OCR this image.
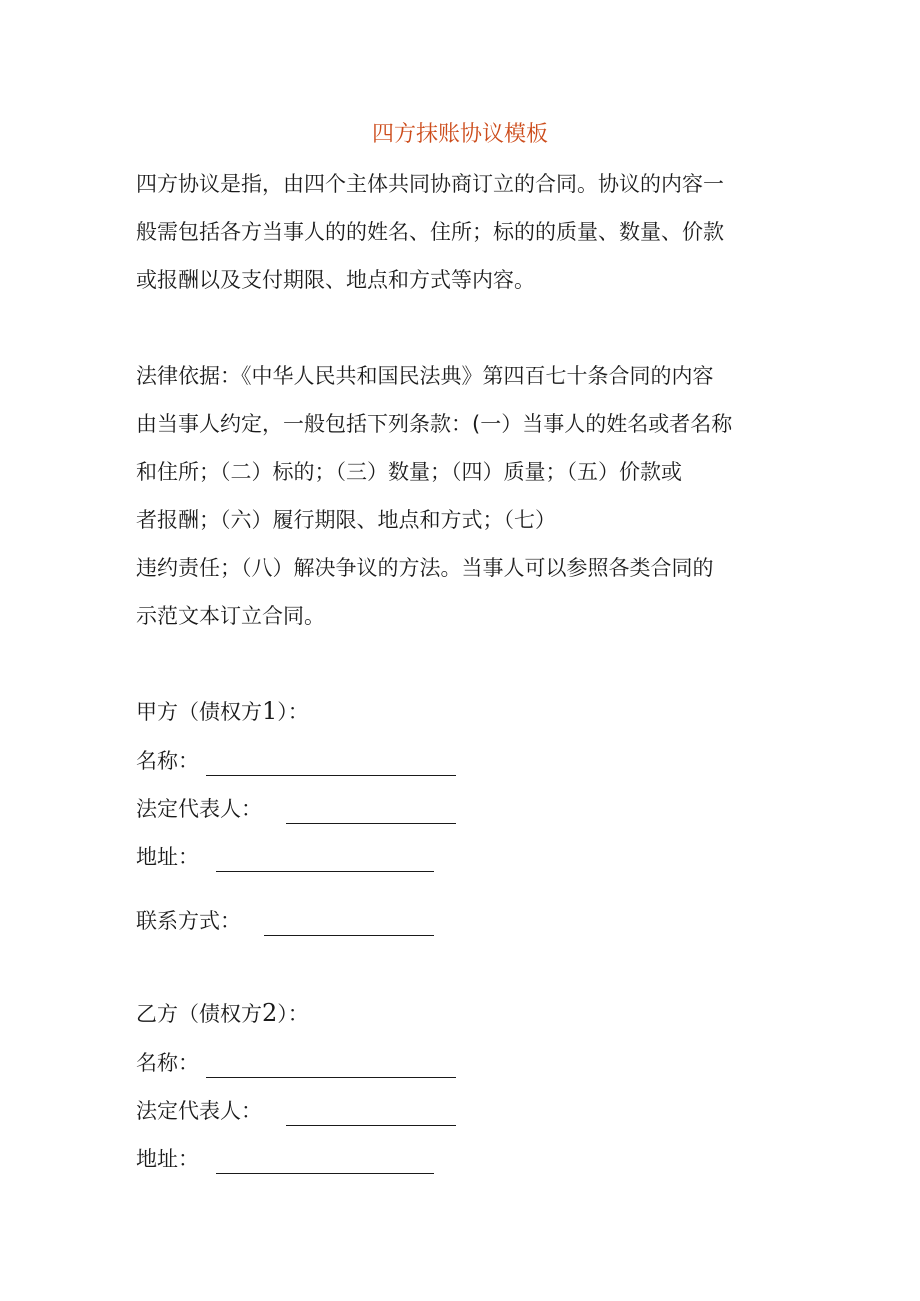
四方抹账协议模板
四方协议是指，由四个主体共同协商订立的合同。协议的内容一
般需包括各方当事人的的姓名、住所；标的的质量、数量、价款
或报酬以及支付期限、地点和方式等内容。
法律依据：《中华人民共和国民法典》第四百七十条合同的内容
由当事人约定，一般包括下列条款：(一）当事人的姓名或者名称
和住所；（二）标的；（三）数量；（四）质量；（五）价款或
者报酬；（六）履行期限、地点和方式；（七）
违约责任；（八）解决争议的方法。当事人可以参照各类合同的
示范文本订立合同。
甲方（债权方1）：
名称：
法定代表人：
地址：
联系方式：
乙方（债权方2）：
名称：
法定代表人：
地址：
